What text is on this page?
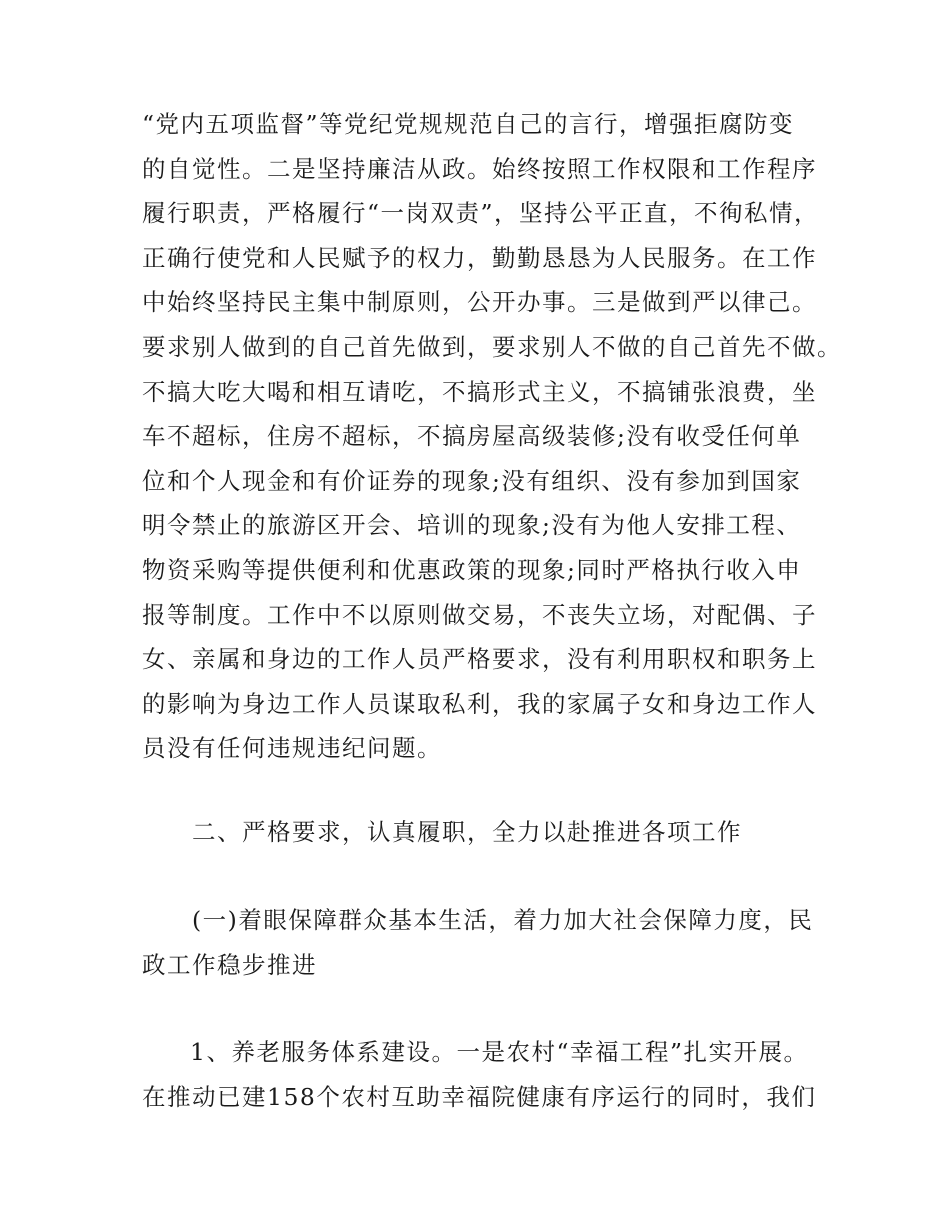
“党内五项监督”等党纪党规规范自己的言行，增强拒腐防变
的自觉性。二是坚持廉洁从政。始终按照工作权限和工作程序
履行职责，严格履行“一岗双责”，坚持公平正直，不徇私情，
正确行使党和人民赋予的权力，勤勤恳恳为人民服务。在工作
中始终坚持民主集中制原则，公开办事。三是做到严以律己。
要求别人做到的自己首先做到，要求别人不做的自己首先不做。
不搞大吃大喝和相互请吃，不搞形式主义，不搞铺张浪费，坐
车不超标，住房不超标，不搞房屋高级装修;没有收受任何单
位和个人现金和有价证券的现象;没有组织、没有参加到国家
明令禁止的旅游区开会、培训的现象;没有为他人安排工程、
物资采购等提供便利和优惠政策的现象;同时严格执行收入申
报等制度。工作中不以原则做交易，不丧失立场，对配偶、子
女、亲属和身边的工作人员严格要求，没有利用职权和职务上
的影响为身边工作人员谋取私利，我的家属子女和身边工作人
员没有任何违规违纪问题。
二、严格要求，认真履职，全力以赴推进各项工作
(一)着眼保障群众基本生活，着力加大社会保障力度，民
政工作稳步推进
1、养老服务体系建设。一是农村“幸福工程”扎实开展。
在推动已建158个农村互助幸福院健康有序运行的同时，我们
